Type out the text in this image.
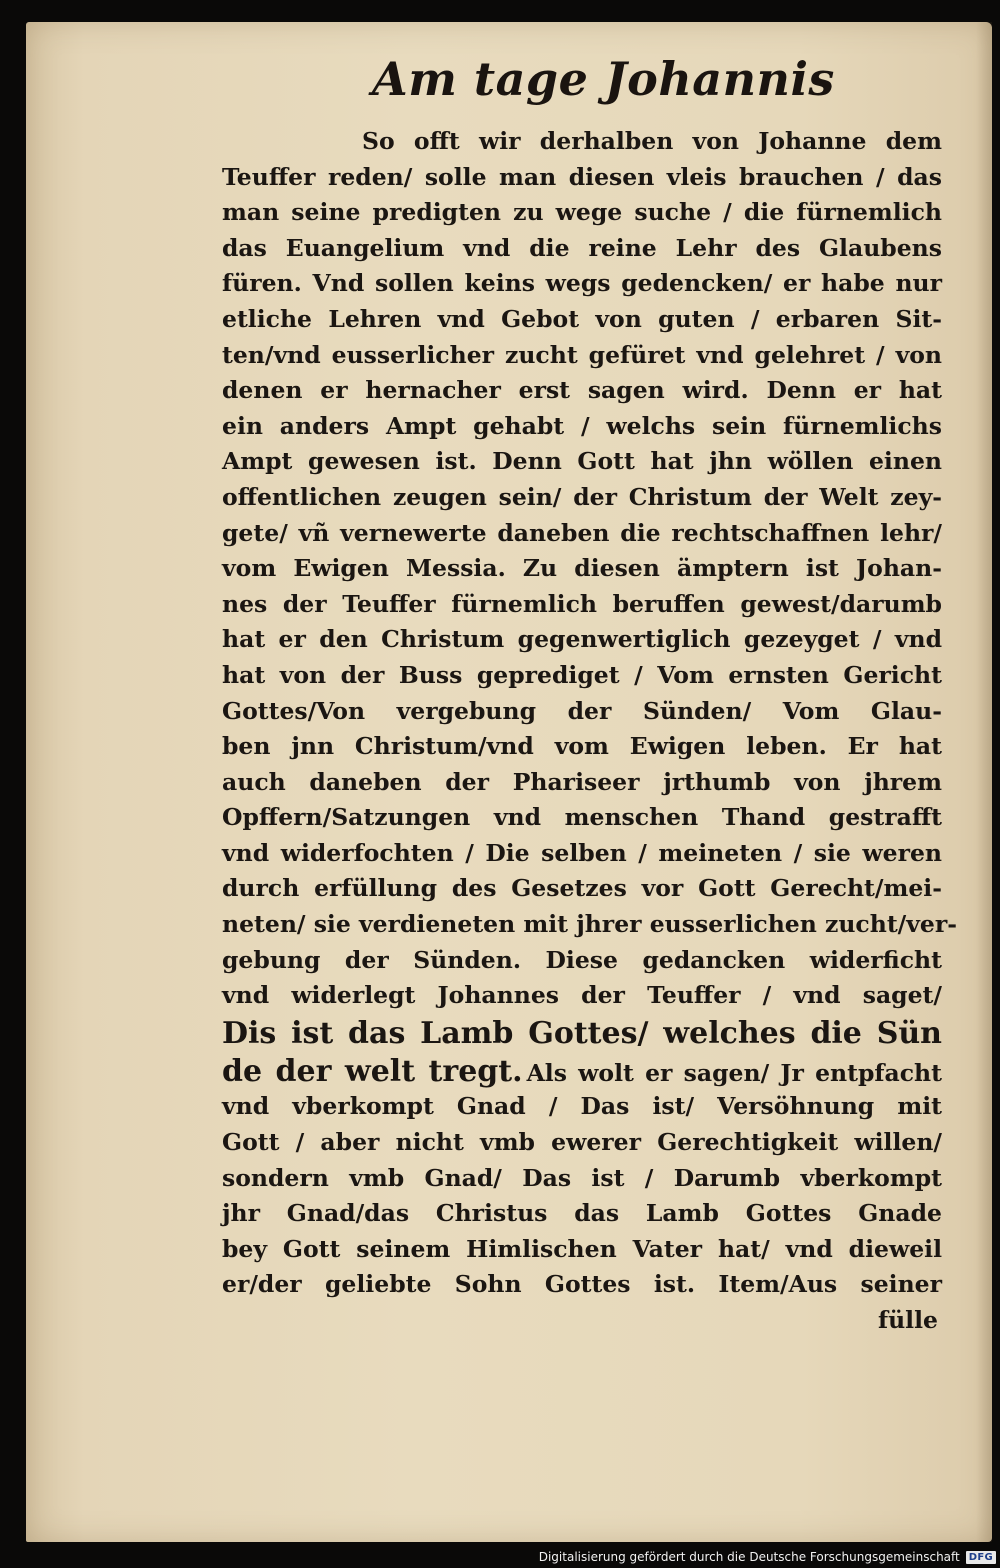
Am tage Johannis
So offt wir derhalben von Johanne dem
Teuffer reden/ solle man diesen vleis brauchen / das
man seine predigten zu wege suche / die fürnemlich
das Euangelium vnd die reine Lehr des Glaubens
füren. Vnd sollen keins wegs gedencken/ er habe nur
etliche Lehren vnd Gebot von guten / erbaren Sit-
ten/vnd eusserlicher zucht gefüret vnd gelehret / von
denen er hernacher erst sagen wird. Denn er hat
ein anders Ampt gehabt / welchs sein fürnemlichs
Ampt gewesen ist. Denn Gott hat jhn wöllen einen
offentlichen zeugen sein/ der Christum der Welt zey-
gete/ vñ vernewerte daneben die rechtschaffnen lehr/
vom Ewigen Messia. Zu diesen ämptern ist Johan-
nes der Teuffer fürnemlich beruffen gewest/darumb
hat er den Christum gegenwertiglich gezeyget / vnd
hat von der Buss geprediget / Vom ernsten Gericht
Gottes/Von vergebung der Sünden/ Vom Glau-
ben jnn Christum/vnd vom Ewigen leben. Er hat
auch daneben der Phariseer jrthumb von jhrem
Opffern/Satzungen vnd menschen Thand gestrafft
vnd widerfochten / Die selben / meineten / sie weren
durch erfüllung des Gesetzes vor Gott Gerecht/mei-
neten/ sie verdieneten mit jhrer eusserlichen zucht/ver-
gebung der Sünden. Diese gedancken widerficht
vnd widerlegt Johannes der Teuffer / vnd saget/
Dis ist das Lamb Gottes/ welches die Sün
de der welt tregt. Als wolt er sagen/ Jr entpfacht
vnd vberkompt Gnad / Das ist/ Versöhnung mit
Gott / aber nicht vmb ewerer Gerechtigkeit willen/
sondern vmb Gnad/ Das ist / Darumb vberkompt
jhr Gnad/das Christus das Lamb Gottes Gnade
bey Gott seinem Himlischen Vater hat/ vnd dieweil
er/der geliebte Sohn Gottes ist. Item/Aus seiner
fülle
Digitalisierung gefördert durch die Deutsche Forschungsgemeinschaft DFG
